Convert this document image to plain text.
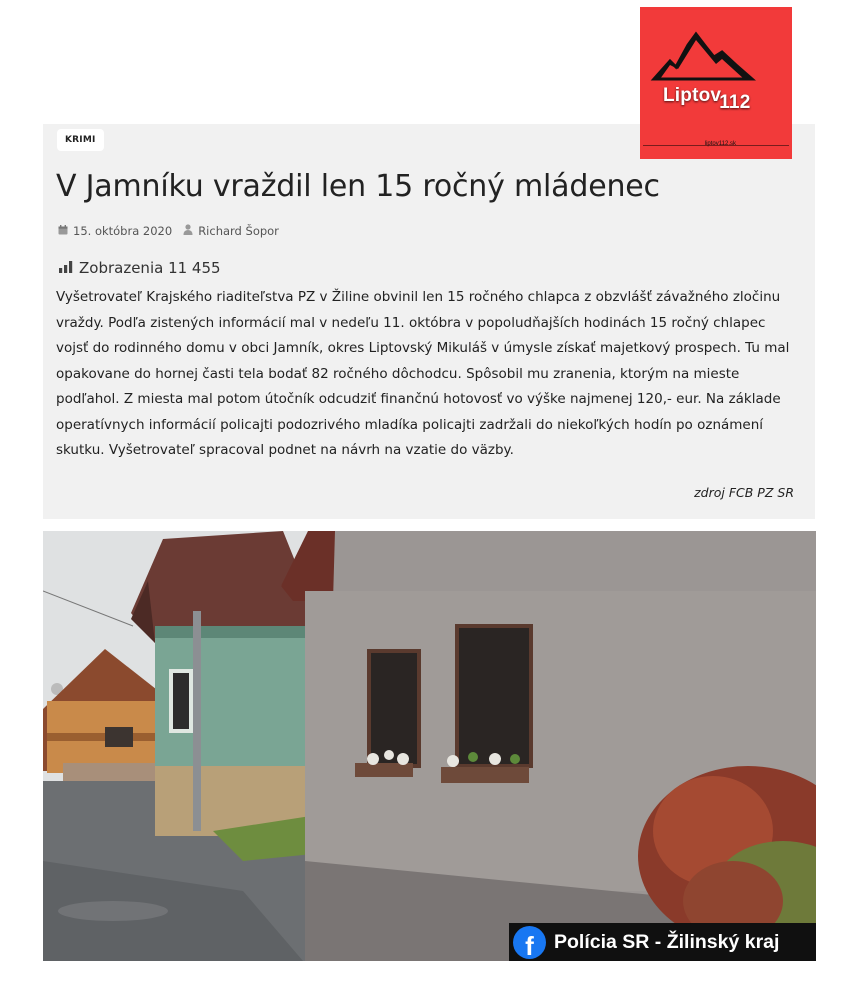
Liptov112
liptov112.sk
KRIMI
V Jamníku vraždil len 15 ročný mládenec
15. októbra 2020 Richard Šopor
Zobrazenia 11 455

Vyšetrovateľ Krajského riaditeľstva PZ v Žiline obvinil len 15 ročného chlapca z obzvlášť závažného zločinu vraždy. Podľa zistených informácií mal v nedeľu 11. októbra v popoludňajších hodinách 15 ročný chlapec vojsť do rodinného domu v obci Jamník, okres Liptovský Mikuláš v úmysle získať majetkový prospech. Tu mal opakovane do hornej časti tela bodať 82 ročného dôchodcu. Spôsobil mu zranenia, ktorým na mieste podľahol. Z miesta mal potom útočník odcudziť finančnú hotovosť vo výške najmenej 120,- eur. Na základe operatívnych informácií policajti podozrivého mladíka policajti zadržali do niekoľkých hodín po oznámení skutku. Vyšetrovateľ spracoval podnet na návrh na vzatie do väzby.

zdroj FCB PZ SR
f	Polícia SR - Žilinský kraj
